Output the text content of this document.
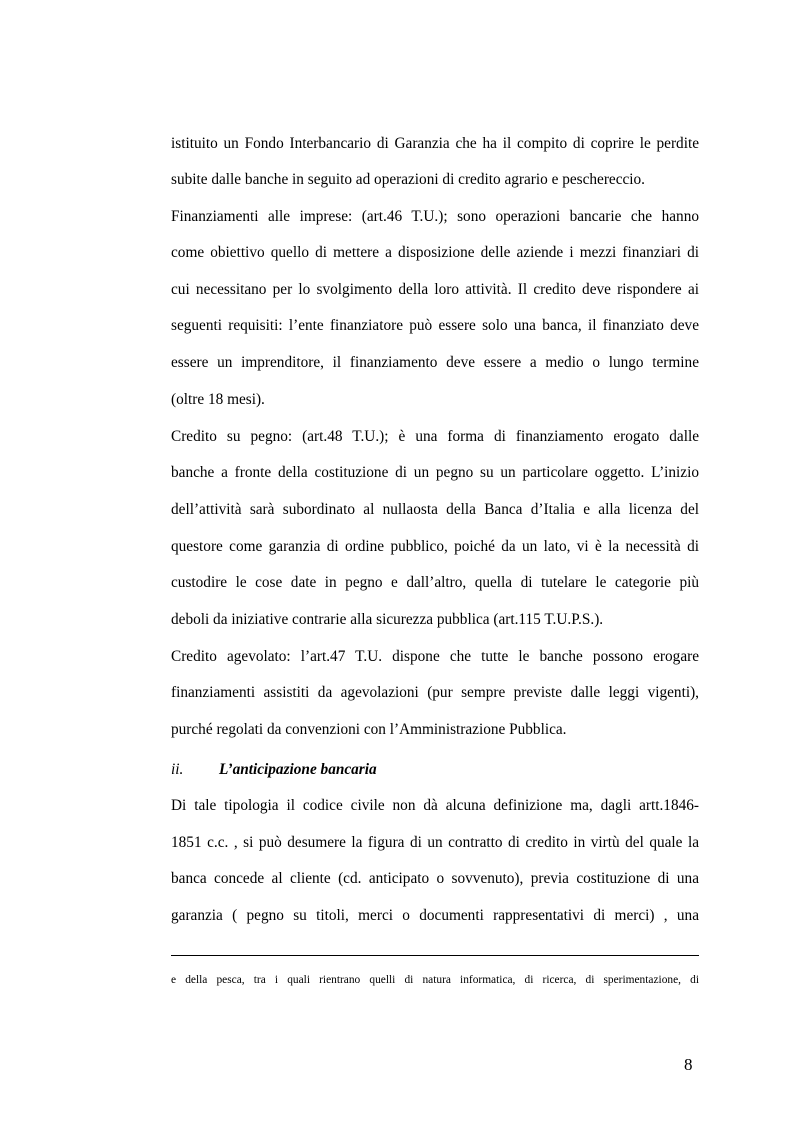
istituito un Fondo Interbancario di Garanzia che ha il compito di coprire le perdite
subite dalle banche in seguito ad operazioni di credito agrario e peschereccio.
Finanziamenti alle imprese: (art.46 T.U.); sono operazioni bancarie che hanno
come obiettivo quello di mettere a disposizione delle aziende i mezzi finanziari di
cui necessitano per lo svolgimento della loro attività. Il credito deve rispondere ai
seguenti requisiti: l’ente finanziatore può essere solo una banca, il finanziato deve
essere un imprenditore, il finanziamento deve essere a medio o lungo termine
(oltre 18 mesi).
Credito su pegno: (art.48 T.U.); è una forma di finanziamento erogato dalle
banche a fronte della costituzione di un pegno su un particolare oggetto. L’inizio
dell’attività sarà subordinato al nullaosta della Banca d’Italia e alla licenza del
questore come garanzia di ordine pubblico, poiché da un lato, vi è la necessità di
custodire le cose date in pegno e dall’altro, quella di tutelare le categorie più
deboli da iniziative contrarie alla sicurezza pubblica (art.115 T.U.P.S.).
Credito agevolato: l’art.47 T.U. dispone che tutte le banche possono erogare
finanziamenti assistiti da agevolazioni (pur sempre previste dalle leggi vigenti),
purché regolati da convenzioni con l’Amministrazione Pubblica.
ii. L’anticipazione bancaria
Di tale tipologia il codice civile non dà alcuna definizione ma, dagli artt.1846-
1851 c.c. , si può desumere la figura di un contratto di credito in virtù del quale la
banca concede al cliente (cd. anticipato o sovvenuto), previa costituzione di una
garanzia ( pegno su titoli, merci o documenti rappresentativi di merci) , una
e della pesca, tra i quali rientrano quelli di natura informatica, di ricerca, di sperimentazione, di
8
